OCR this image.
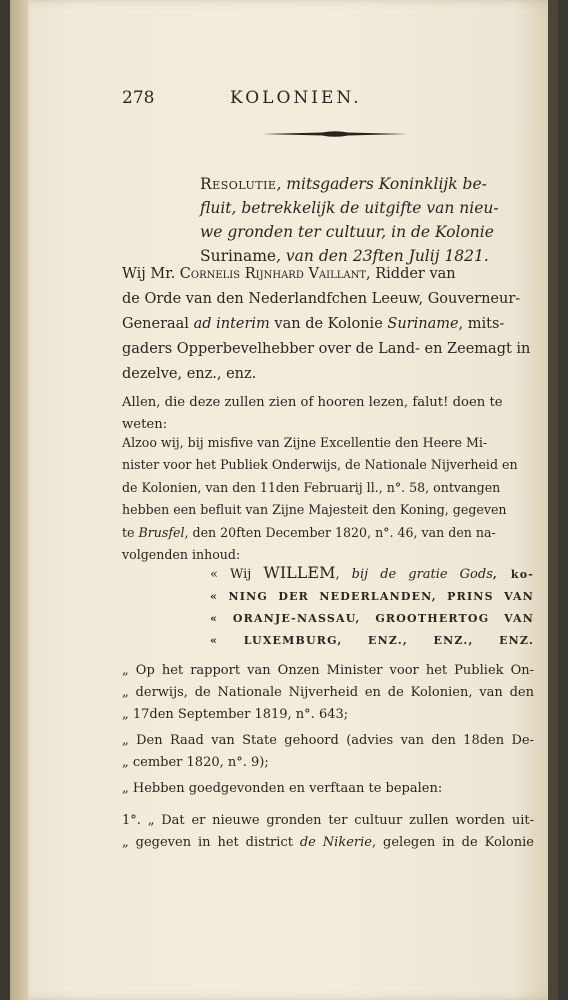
278	KOLONIEN.
Resolutie, mitsgaders Koninklijk be-
fluit, betrekkelijk de uitgifte van nieu-
we gronden ter cultuur, in de Kolonie
Suriname, van den 23ften Julij 1821.
Wij Mr. Cornelis Rijnhard Vaillant, Ridder van
de Orde van den Nederlandfchen Leeuw, Gouverneur-
Generaal ad interim van de Kolonie Suriname, mits-
gaders Opperbevelhebber over de Land- en Zeemagt in
dezelve, enz., enz.
Allen, die deze zullen zien of hooren lezen, falut! doen te
weten:
Alzoo wij, bij misfive van Zijne Excellentie den Heere Mi-
nister voor het Publiek Onderwijs, de Nationale Nijverheid en
de Kolonien, van den 11den Februarij ll., n°. 58, ontvangen
hebben een befluit van Zijne Majesteit den Koning, gegeven
te Brusfel, den 20ften December 1820, n°. 46, van den na-
volgenden inhoud:
« Wij WILLEM, bij de gratie Gods, ko-
« NING DER NEDERLANDEN, PRINS VAN
« ORANJE-NASSAU, GROOTHERTOG VAN
« LUXEMBURG, ENZ., ENZ., ENZ.
„ Op het rapport van Onzen Minister voor het Publiek On-
„ derwijs, de Nationale Nijverheid en de Kolonien, van den
„ 17den September 1819, n°. 643;
„ Den Raad van State gehoord (advies van den 18den De-
„ cember 1820, n°. 9);
„ Hebben goedgevonden en verftaan te bepalen:
1°. „ Dat er nieuwe gronden ter cultuur zullen worden uit-
„ gegeven in het district de Nikerie, gelegen in de Kolonie
